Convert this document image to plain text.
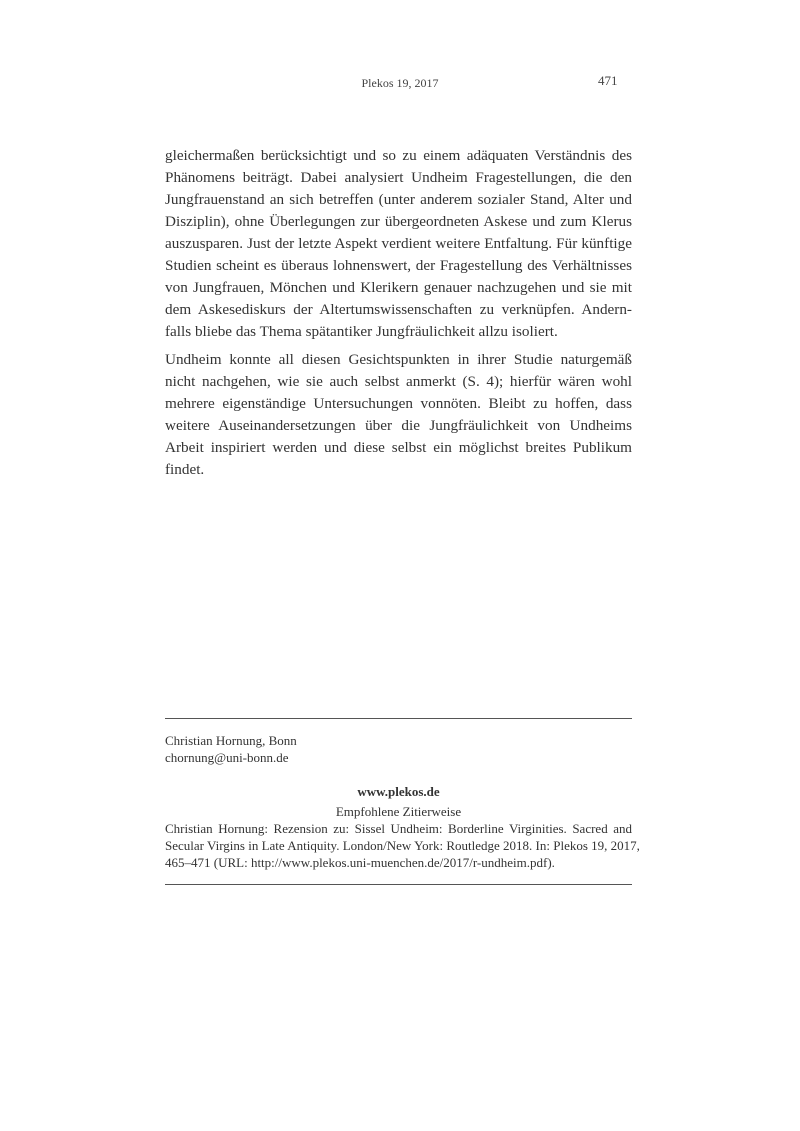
Plekos 19, 2017	471

gleichermaßen berücksichtigt und so zu einem adäquaten Verständnis des
Phänomens beiträgt. Dabei analysiert Undheim Fragestellungen, die den
Jungfrauenstand an sich betreffen (unter anderem sozialer Stand, Alter und
Disziplin), ohne Überlegungen zur übergeordneten Askese und zum Klerus
auszusparen. Just der letzte Aspekt verdient weitere Entfaltung. Für künftige
Studien scheint es überaus lohnenswert, der Fragestellung des Verhältnisses
von Jungfrauen, Mönchen und Klerikern genauer nachzugehen und sie mit
dem Askesediskurs der Altertumswissenschaften zu verknüpfen. Andern-
falls bliebe das Thema spätantiker Jungfräulichkeit allzu isoliert.

Undheim konnte all diesen Gesichtspunkten in ihrer Studie naturgemäß
nicht nachgehen, wie sie auch selbst anmerkt (S. 4); hierfür wären wohl
mehrere eigenständige Untersuchungen vonnöten. Bleibt zu hoffen, dass
weitere Auseinandersetzungen über die Jungfräulichkeit von Undheims
Arbeit inspiriert werden und diese selbst ein möglichst breites Publikum
findet.

Christian Hornung, Bonn
chornung@uni-bonn.de
www.plekos.de
Empfohlene Zitierweise
Christian Hornung: Rezension zu: Sissel Undheim: Borderline Virginities. Sacred and
Secular Virgins in Late Antiquity. London/New York: Routledge 2018. In: Plekos 19, 2017,
465–471 (URL: http://www.plekos.uni-muenchen.de/2017/r-undheim.pdf).
